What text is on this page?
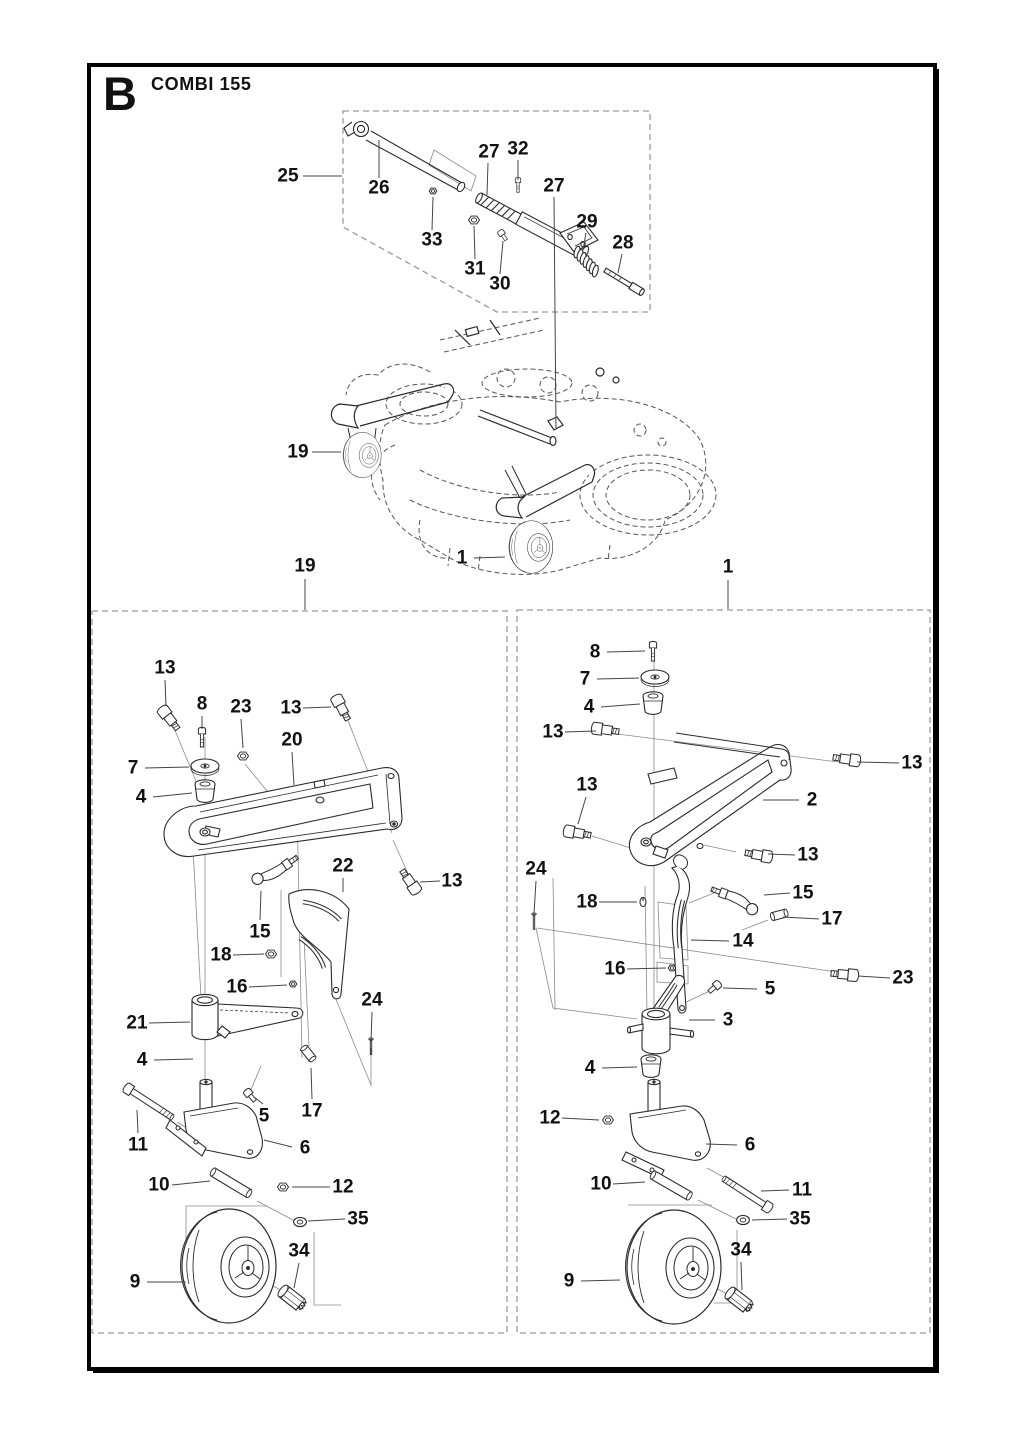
B COMBI 155
25
26
33
31
30
27 32
27
29
28
19
1
19	1
13
8 23 13
20
7
4
13
22
15
18
16
24
21
4
5 17
11	6
10	12
35
34
9
8
7
4
13
13
2
13
13
24
18	15
17
14
16	23
5
3
4
12
6
10	11
35
34
9
